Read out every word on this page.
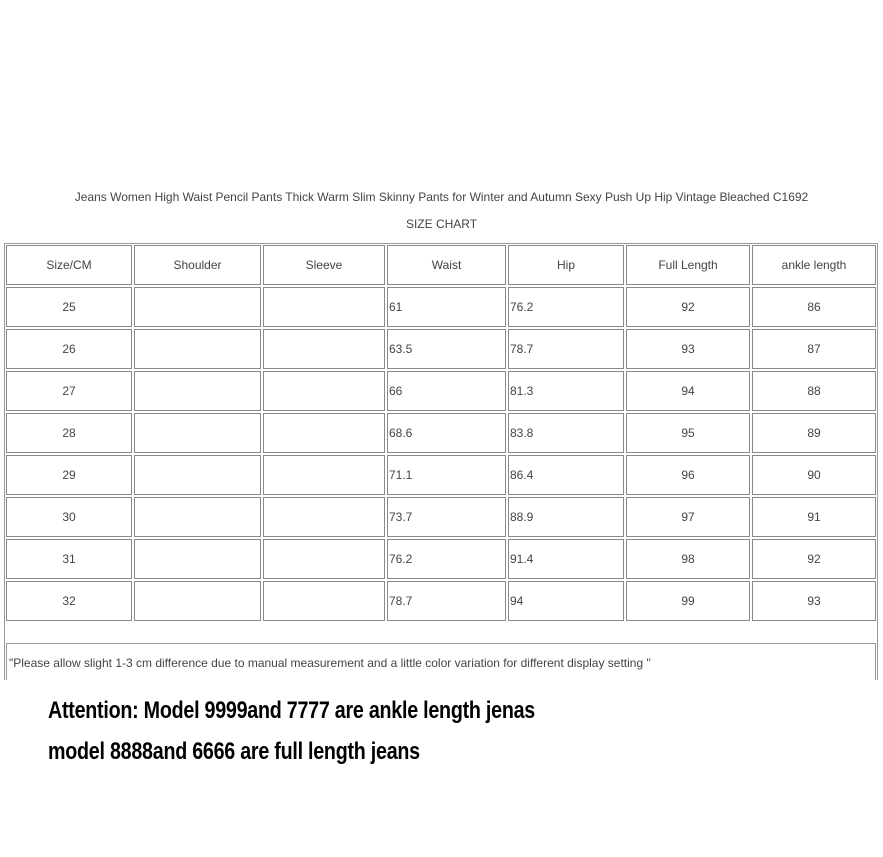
Jeans Women High Waist Pencil Pants Thick Warm Slim Skinny Pants for Winter and Autumn Sexy Push Up Hip Vintage Bleached C1692
SIZE CHART
Size/CM	Shoulder	Sleeve	Waist	Hip	Full Length	ankle length
25			61	76.2	92	86
26			63.5	78.7	93	87
27			66	81.3	94	88
28			68.6	83.8	95	89
29			71.1	86.4	96	90
30			73.7	88.9	97	91
31			76.2	91.4	98	92
32			78.7	94	99	93
"Please allow slight 1-3 cm difference due to manual measurement and a little color variation for different display setting "
Attention: Model 9999and 7777 are ankle length jenas
model 8888and 6666 are full length jeans
